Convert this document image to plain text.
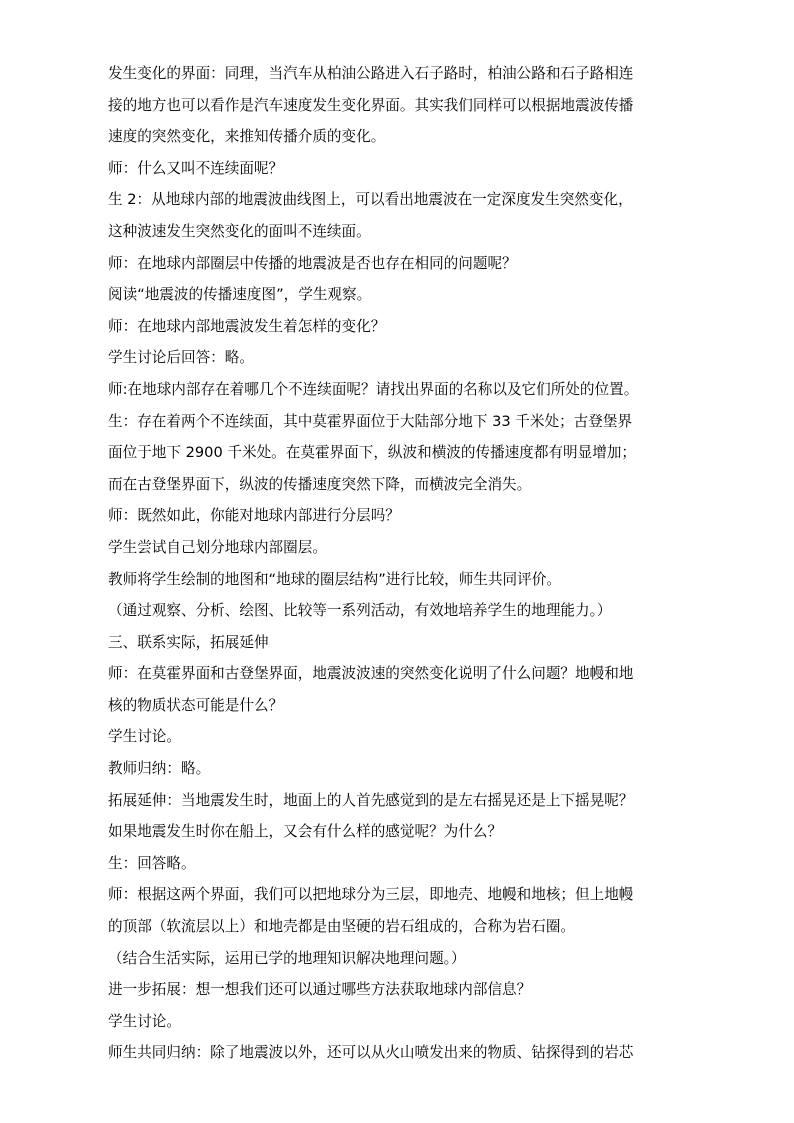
发生变化的界面：同理，当汽车从柏油公路进入石子路时，柏油公路和石子路相连
接的地方也可以看作是汽车速度发生变化界面。其实我们同样可以根据地震波传播
速度的突然变化，来推知传播介质的变化。
师：什么又叫不连续面呢？
生 2：从地球内部的地震波曲线图上，可以看出地震波在一定深度发生突然变化，
这种波速发生突然变化的面叫不连续面。
师：在地球内部圈层中传播的地震波是否也存在相同的问题呢？
阅读“地震波的传播速度图”，学生观察。
师：在地球内部地震波发生着怎样的变化？
学生讨论后回答：略。
师:在地球内部存在着哪几个不连续面呢？请找出界面的名称以及它们所处的位置。
生：存在着两个不连续面，其中莫霍界面位于大陆部分地下 33 千米处；古登堡界
面位于地下 2900 千米处。在莫霍界面下，纵波和横波的传播速度都有明显增加；
而在古登堡界面下，纵波的传播速度突然下降，而横波完全消失。
师：既然如此，你能对地球内部进行分层吗？
学生尝试自己划分地球内部圈层。
教师将学生绘制的地图和“地球的圈层结构”进行比较，师生共同评价。
（通过观察、分析、绘图、比较等一系列活动，有效地培养学生的地理能力。）
三、联系实际，拓展延伸
师：在莫霍界面和古登堡界面，地震波波速的突然变化说明了什么问题？地幔和地
核的物质状态可能是什么？
学生讨论。
教师归纳：略。
拓展延伸：当地震发生时，地面上的人首先感觉到的是左右摇晃还是上下摇晃呢？
如果地震发生时你在船上，又会有什么样的感觉呢？为什么？
生：回答略。
师：根据这两个界面，我们可以把地球分为三层，即地壳、地幔和地核；但上地幔
的顶部（软流层以上）和地壳都是由坚硬的岩石组成的，合称为岩石圈。
（结合生活实际，运用已学的地理知识解决地理问题。）
进一步拓展：想一想我们还可以通过哪些方法获取地球内部信息？
学生讨论。
师生共同归纳：除了地震波以外，还可以从火山喷发出来的物质、钻探得到的岩芯
